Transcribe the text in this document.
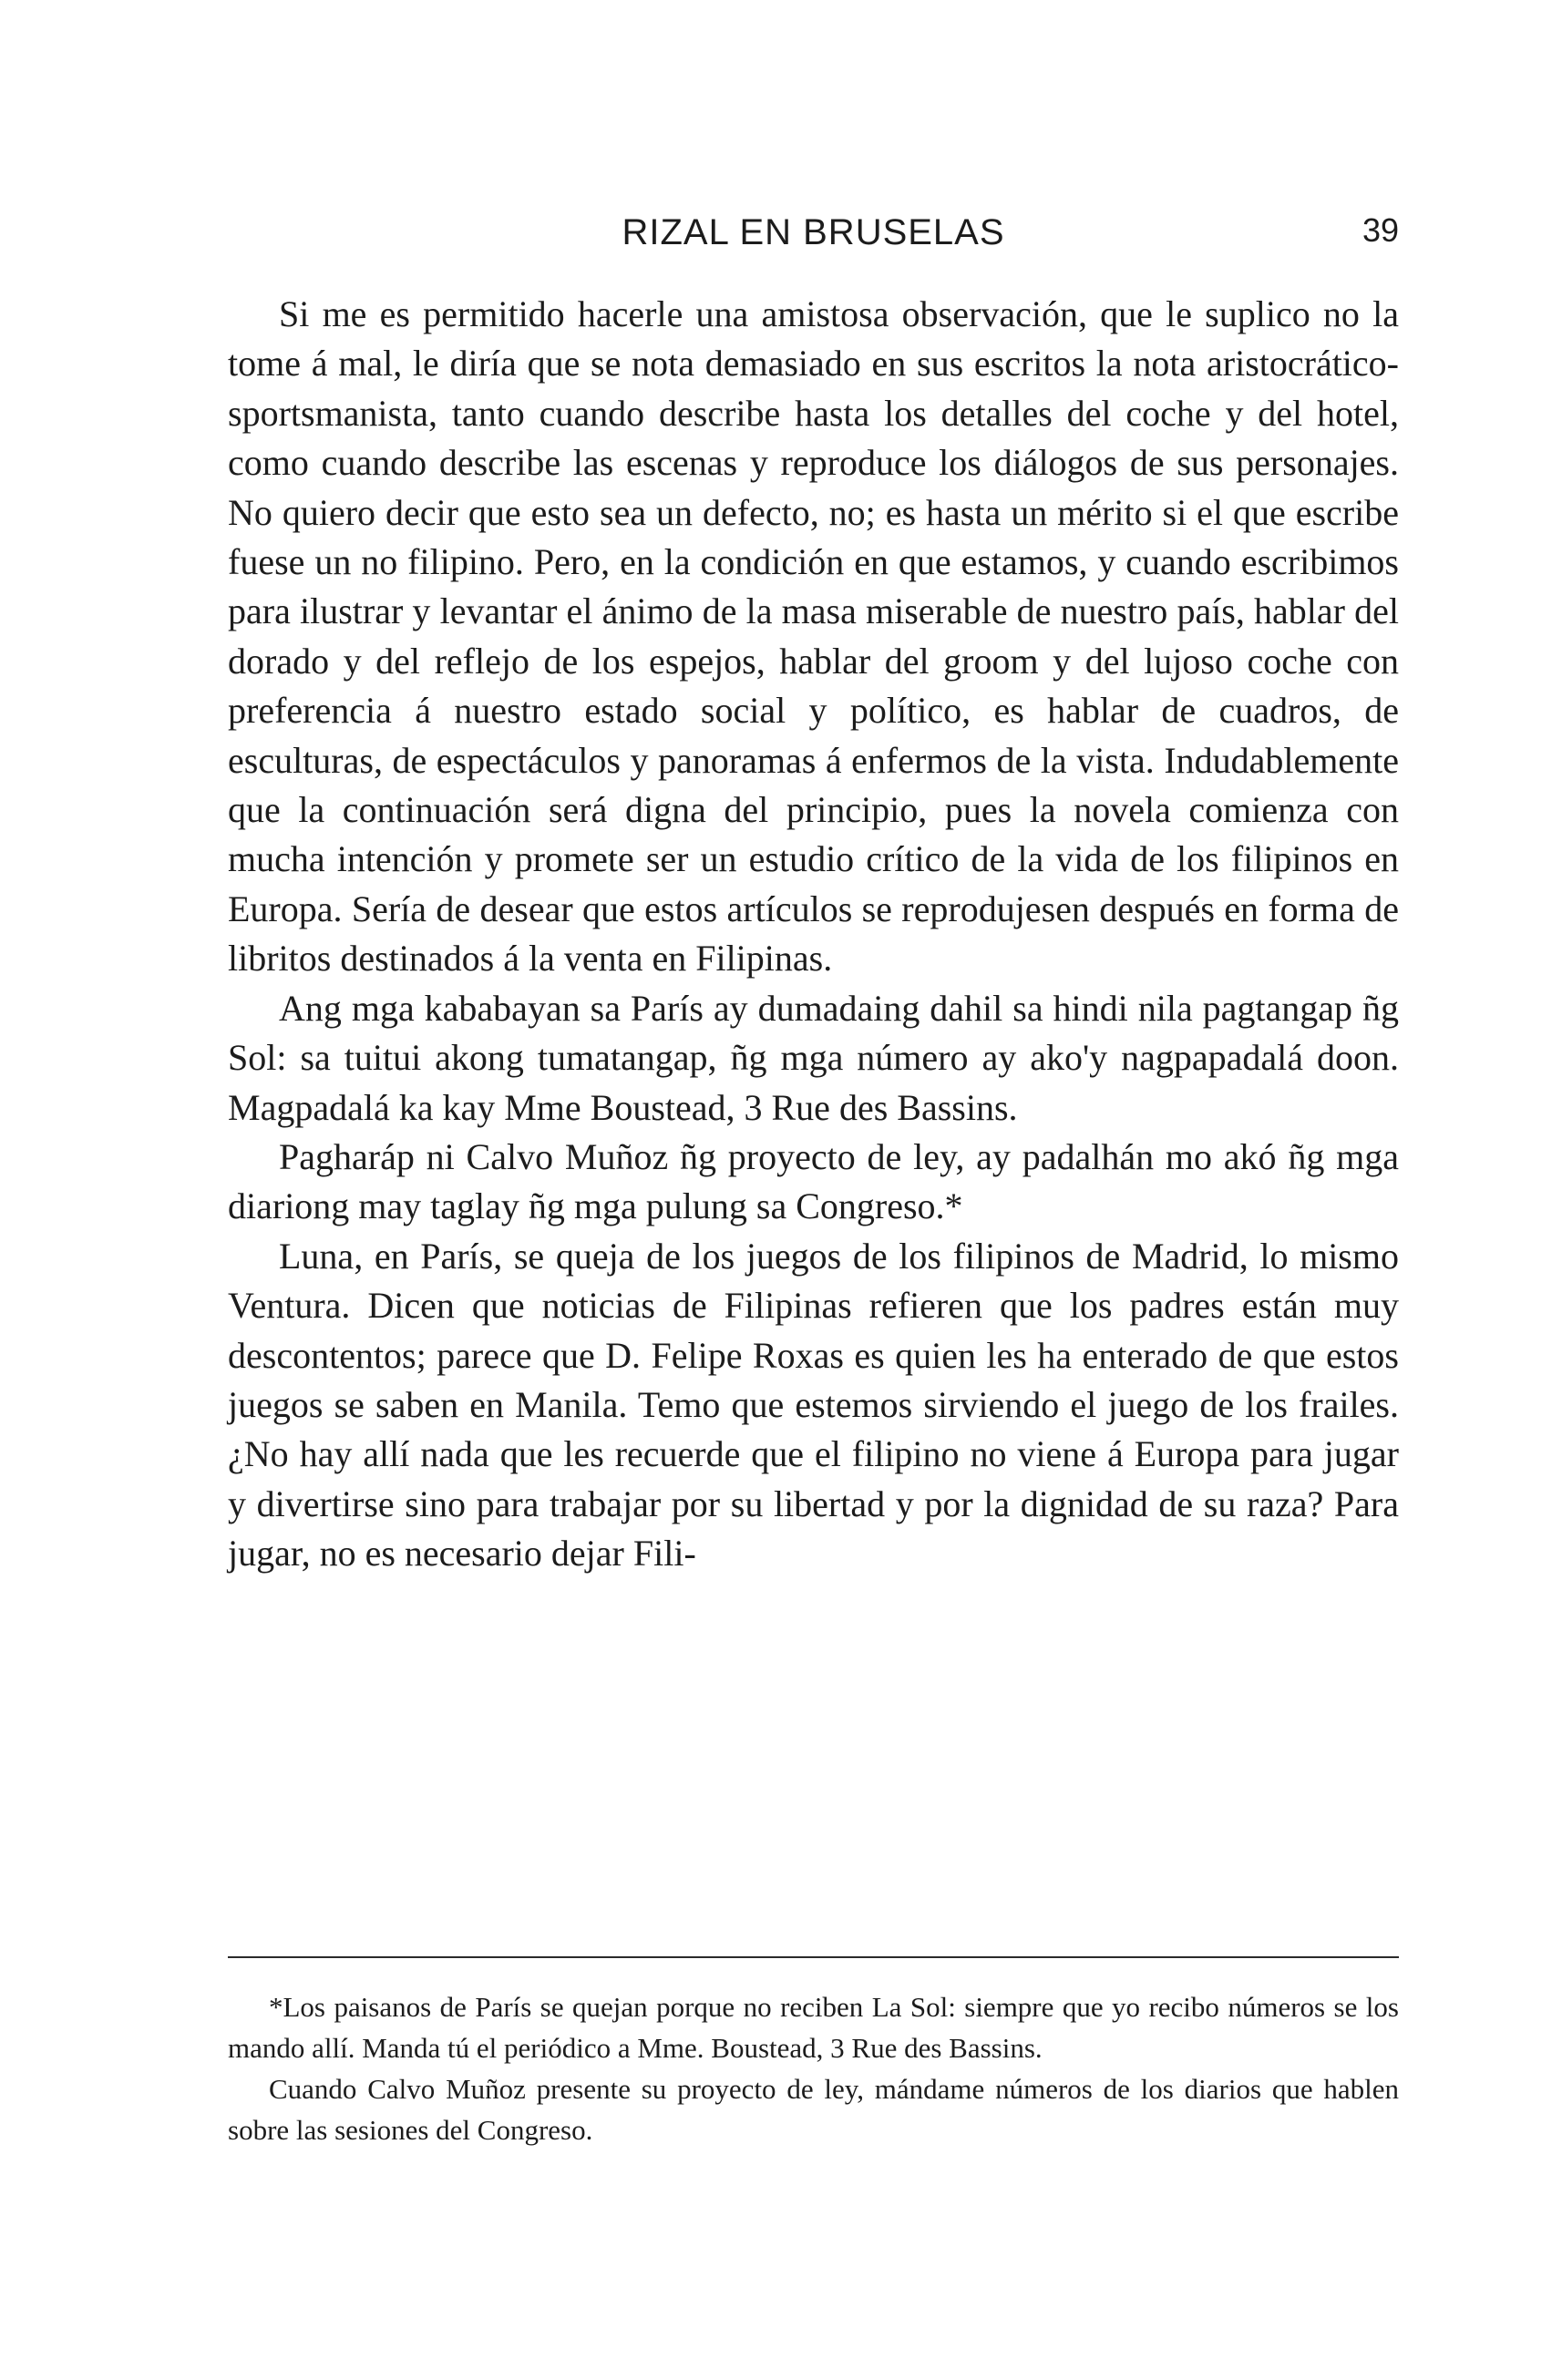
RIZAL EN BRUSELAS	39

Si me es permitido hacerle una amistosa observación, que le suplico no la tome á mal, le diría que se nota demasiado en sus escritos la nota aristocrático-sportsmanista, tanto cuando describe hasta los detalles del coche y del hotel, como cuando describe las escenas y reproduce los diálogos de sus personajes. No quiero decir que esto sea un defecto, no; es hasta un mérito si el que escribe fuese un no filipino. Pero, en la condición en que estamos, y cuando escribimos para ilustrar y levantar el ánimo de la masa miserable de nuestro país, hablar del dorado y del reflejo de los espejos, hablar del groom y del lujoso coche con preferencia á nuestro estado social y político, es hablar de cuadros, de esculturas, de espectáculos y panoramas á enfermos de la vista. Indudablemente que la continuación será digna del principio, pues la novela comienza con mucha intención y promete ser un estudio crítico de la vida de los filipinos en Europa. Sería de desear que estos artículos se reprodujesen después en forma de libritos destinados á la venta en Filipinas.

Ang mga kababayan sa París ay dumadaing dahil sa hindi nila pagtangap ñg Sol: sa tuitui akong tumatangap, ñg mga número ay ako'y nagpapadalá doon. Magpadalá ka kay Mme Boustead, 3 Rue des Bassins.

Pagharáp ni Calvo Muñoz ñg proyecto de ley, ay padalhán mo akó ñg mga diariong may taglay ñg mga pulung sa Congreso.*

Luna, en París, se queja de los juegos de los filipinos de Madrid, lo mismo Ventura. Dicen que noticias de Filipinas refieren que los padres están muy descontentos; parece que D. Felipe Roxas es quien les ha enterado de que estos juegos se saben en Manila. Temo que estemos sirviendo el juego de los frailes. ¿No hay allí nada que les recuerde que el filipino no viene á Europa para jugar y divertirse sino para trabajar por su libertad y por la dignidad de su raza? Para jugar, no es necesario dejar Fili-

*Los paisanos de París se quejan porque no reciben La Sol: siempre que yo recibo números se los mando allí. Manda tú el periódico a Mme. Boustead, 3 Rue des Bassins.

Cuando Calvo Muñoz presente su proyecto de ley, mándame números de los diarios que hablen sobre las sesiones del Congreso.
